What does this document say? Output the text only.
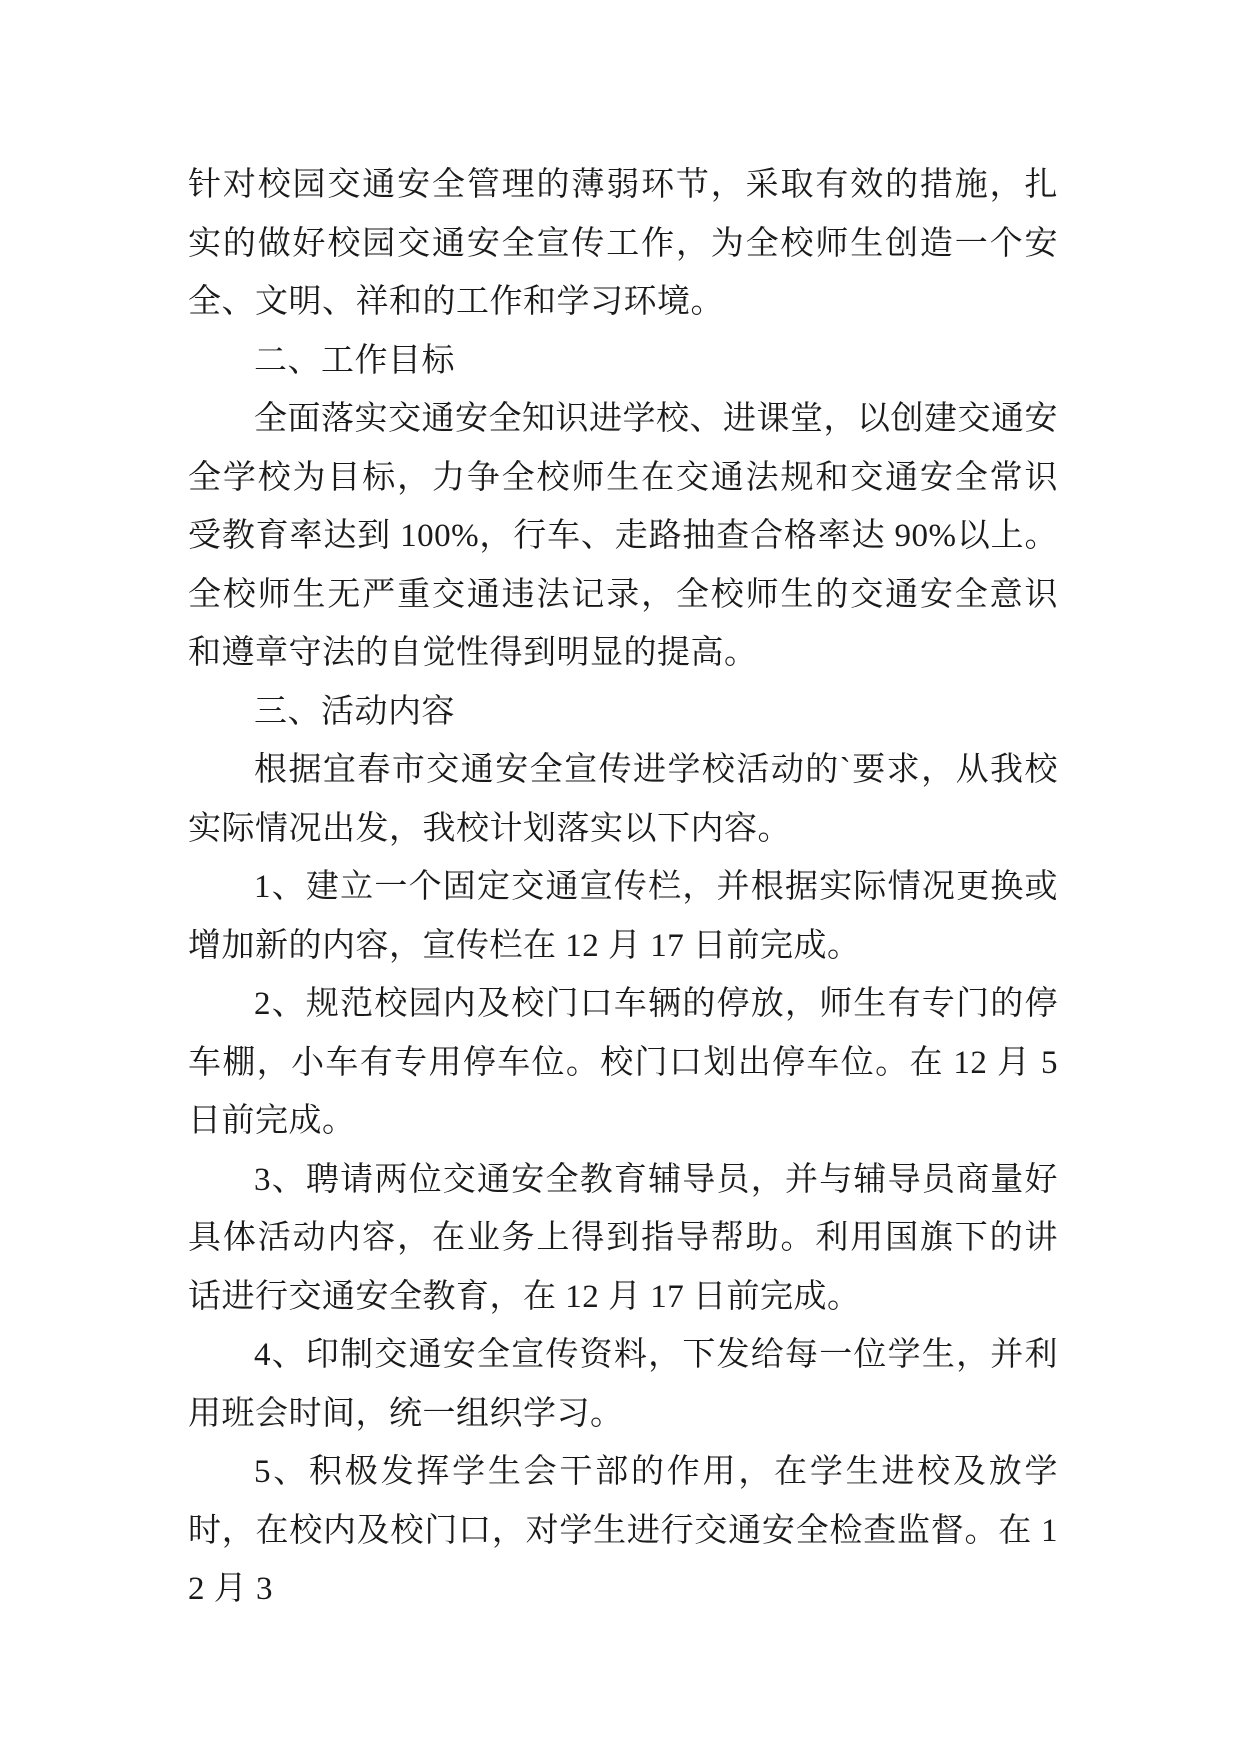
针对校园交通安全管理的薄弱环节，采取有效的措施，扎实的做好校园交通安全宣传工作，为全校师生创造一个安全、文明、祥和的工作和学习环境。

二、工作目标

全面落实交通安全知识进学校、进课堂，以创建交通安全学校为目标，力争全校师生在交通法规和交通安全常识受教育率达到 100%，行车、走路抽查合格率达 90%以上。全校师生无严重交通违法记录，全校师生的交通安全意识和遵章守法的自觉性得到明显的提高。

三、活动内容

根据宜春市交通安全宣传进学校活动的`要求，从我校实际情况出发，我校计划落实以下内容。

1、建立一个固定交通宣传栏，并根据实际情况更换或增加新的内容，宣传栏在 12 月 17 日前完成。

2、规范校园内及校门口车辆的停放，师生有专门的停车棚，小车有专用停车位。校门口划出停车位。在 12 月 5 日前完成。

3、聘请两位交通安全教育辅导员，并与辅导员商量好具体活动内容，在业务上得到指导帮助。利用国旗下的讲话进行交通安全教育，在 12 月 17 日前完成。

4、印制交通安全宣传资料，下发给每一位学生，并利用班会时间，统一组织学习。

5、积极发挥学生会干部的作用，在学生进校及放学时，在校内及校门口，对学生进行交通安全检查监督。在 12 月 3
